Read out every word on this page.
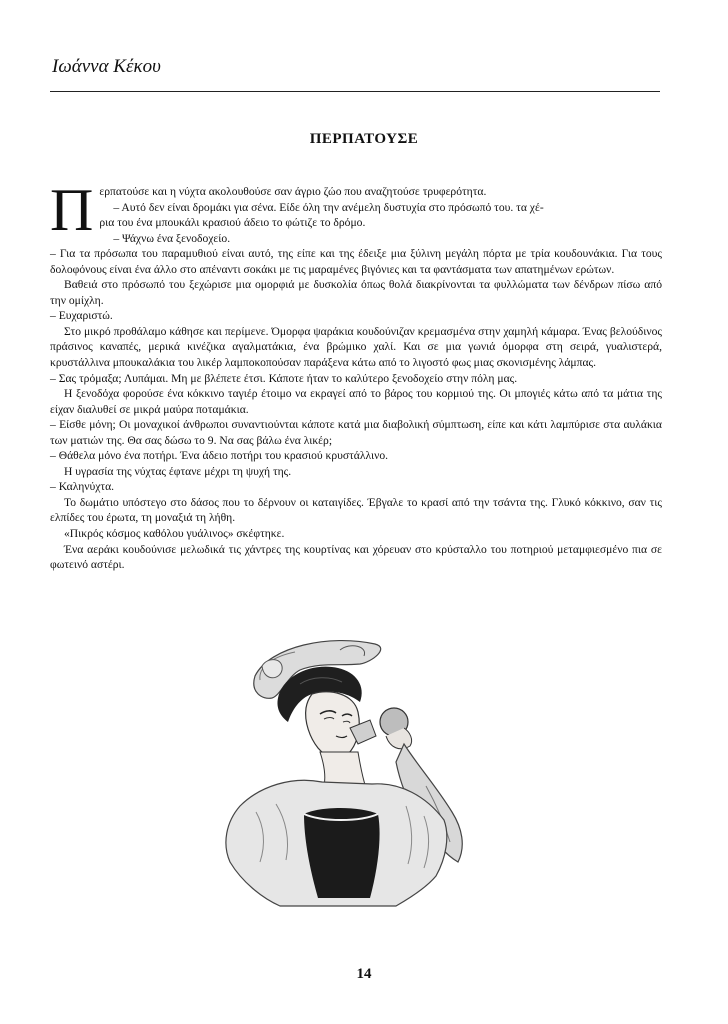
Ιωάννα Κέκου
ΠΕΡΠΑΤΟΥΣΕ
Π ερπατούσε και η νύχτα ακολουθούσε σαν άγριο ζώο που αναζητούσε τρυφερότητα.
– Αυτό δεν είναι δρομάκι για σένα. Είδε όλη την ανέμελη δυστυχία στο πρόσωπό του. τα χέ-
ρια του ένα μπουκάλι κρασιού άδειο το φώτιζε το δρόμο.
– Ψάχνω ένα ξενοδοχείο.

– Για τα πρόσωπα του παραμυθιού είναι αυτό, της είπε και της έδειξε μια ξύλινη μεγάλη πόρτα με τρία κουδουνάκια. Για τους δολοφόνους είναι ένα άλλο στο απέναντι σοκάκι με τις μαραμένες βιγόνιες και τα φαντάσματα των απατημένων ερώτων.

Βαθειά στο πρόσωπό του ξεχώρισε μια ομορφιά με δυσκολία όπως θολά διακρίνονται τα φυλλώματα των δένδρων πίσω από την ομίχλη.

– Ευχαριστώ.

Στο μικρό προθάλαμο κάθησε και περίμενε. Όμορφα ψαράκια κουδούνιζαν κρεμασμένα στην χαμηλή κάμαρα. Ένας βελούδινος πράσινος καναπές, μερικά κινέζικα αγαλματάκια, ένα βρώμικο χαλί. Και σε μια γωνιά όμορφα στη σειρά, γυαλιστερά, κρυστάλλινα μπουκαλάκια του λικέρ λαμποκοπούσαν παράξενα κάτω από το λιγοστό φως μιας σκονισμένης λάμπας.

– Σας τρόμαξα; Λυπάμαι. Μη με βλέπετε έτσι. Κάποτε ήταν το καλύτερο ξενοδοχείο στην πόλη μας.

Η ξενοδόχα φορούσε ένα κόκκινο ταγιέρ έτοιμο να εκραγεί από το βάρος του κορμιού της. Οι μπογιές κάτω από τα μάτια της είχαν διαλυθεί σε μικρά μαύρα ποταμάκια.

– Είσθε μόνη; Οι μοναχικοί άνθρωποι συναντιούνται κάποτε κατά μια διαβολική σύμπτωση, είπε και κάτι λαμπύρισε στα αυλάκια των ματιών της. Θα σας δώσω το 9. Να σας βάλω ένα λικέρ;

– Θάθελα μόνο ένα ποτήρι. Ένα άδειο ποτήρι του κρασιού κρυστάλλινο.

Η υγρασία της νύχτας έφτανε μέχρι τη ψυχή της.

– Καληνύχτα.

Το δωμάτιο υπόστεγο στο δάσος που το δέρνουν οι καταιγίδες. Έβγαλε το κρασί από την τσάντα της. Γλυκό κόκκινο, σαν τις ελπίδες του έρωτα, τη μοναξιά τη λήθη.

«Πικρός κόσμος καθόλου γυάλινος» σκέφτηκε.

Ένα αεράκι κουδούνισε μελωδικά τις χάντρες της κουρτίνας και χόρευαν στο κρύσταλλο του ποτηριού μεταμφιεσμένο πια σε φωτεινό αστέρι.

14
